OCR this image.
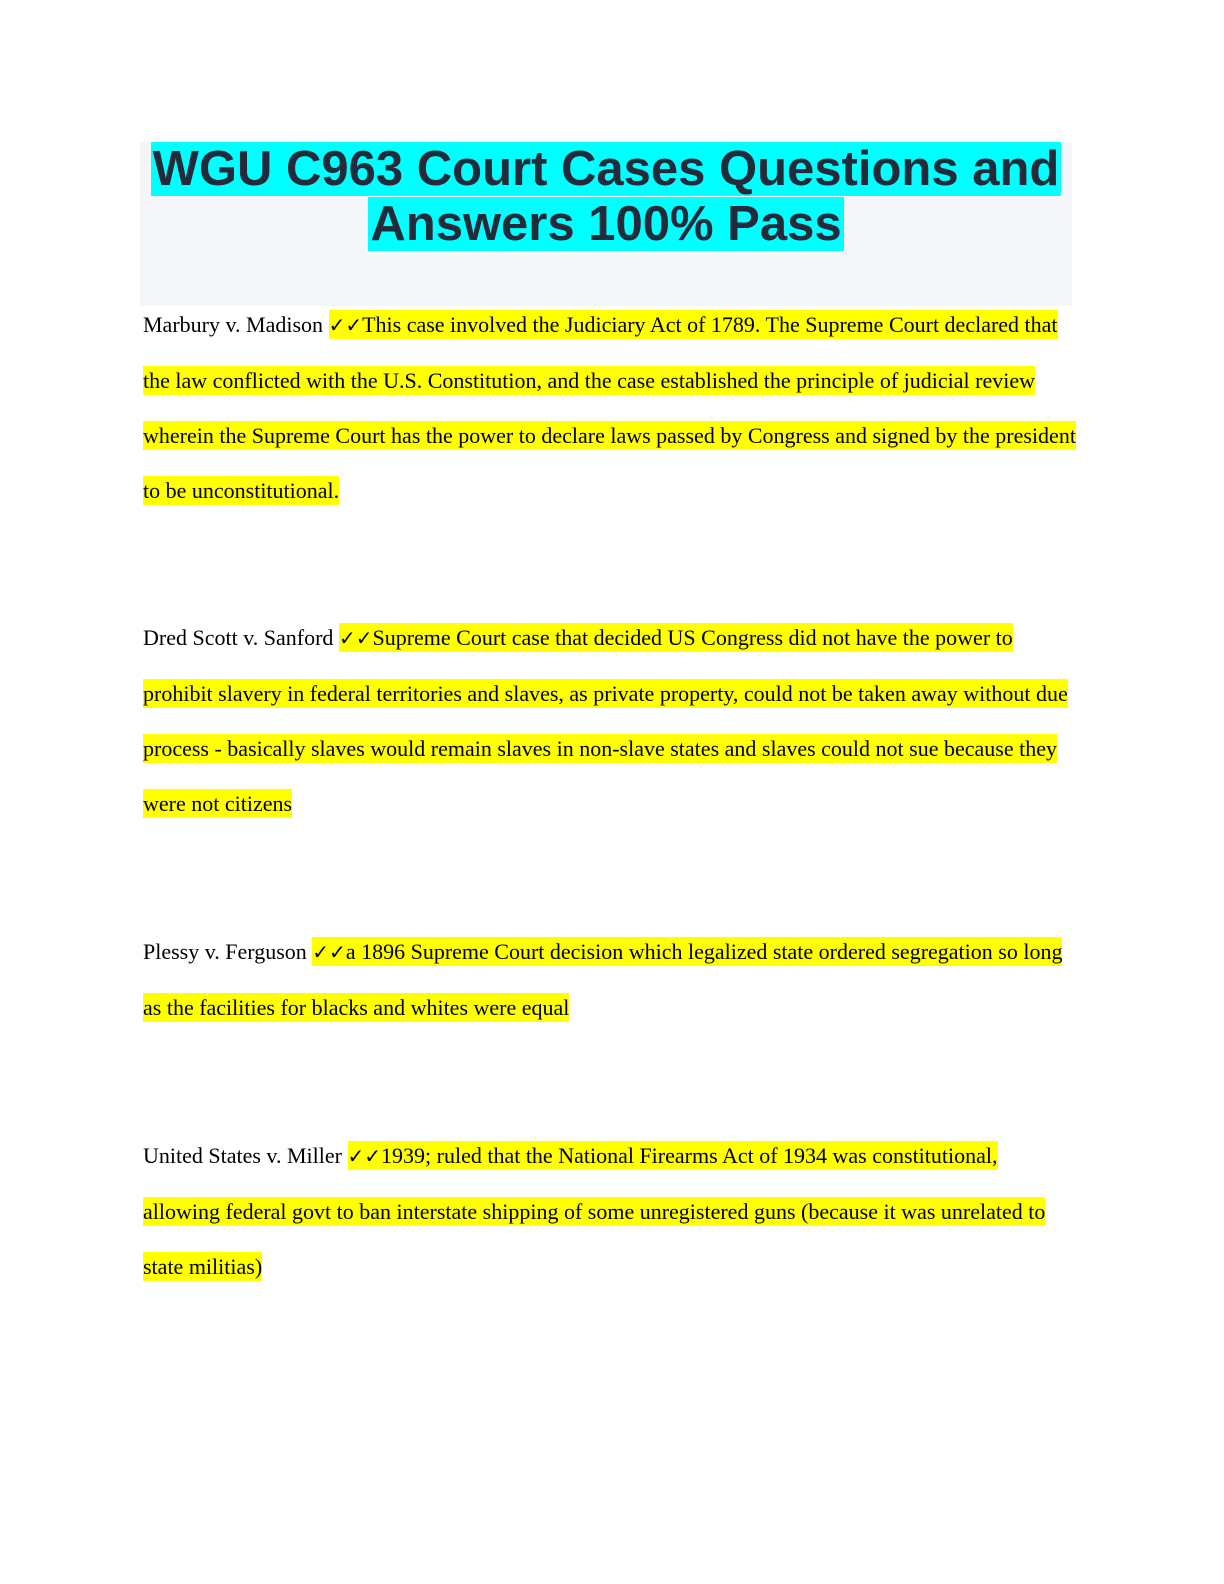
WGU C963 Court Cases Questions and
Answers 100% Pass

Marbury v. Madison ✓✓This case involved the Judiciary Act of 1789. The Supreme Court declared that the law conflicted with the U.S. Constitution, and the case established the principle of judicial review wherein the Supreme Court has the power to declare laws passed by Congress and signed by the president to be unconstitutional.

Dred Scott v. Sanford ✓✓Supreme Court case that decided US Congress did not have the power to prohibit slavery in federal territories and slaves, as private property, could not be taken away without due process - basically slaves would remain slaves in non-slave states and slaves could not sue because they were not citizens

Plessy v. Ferguson ✓✓a 1896 Supreme Court decision which legalized state ordered segregation so long as the facilities for blacks and whites were equal

United States v. Miller ✓✓1939; ruled that the National Firearms Act of 1934 was constitutional, allowing federal govt to ban interstate shipping of some unregistered guns (because it was unrelated to state militias)
